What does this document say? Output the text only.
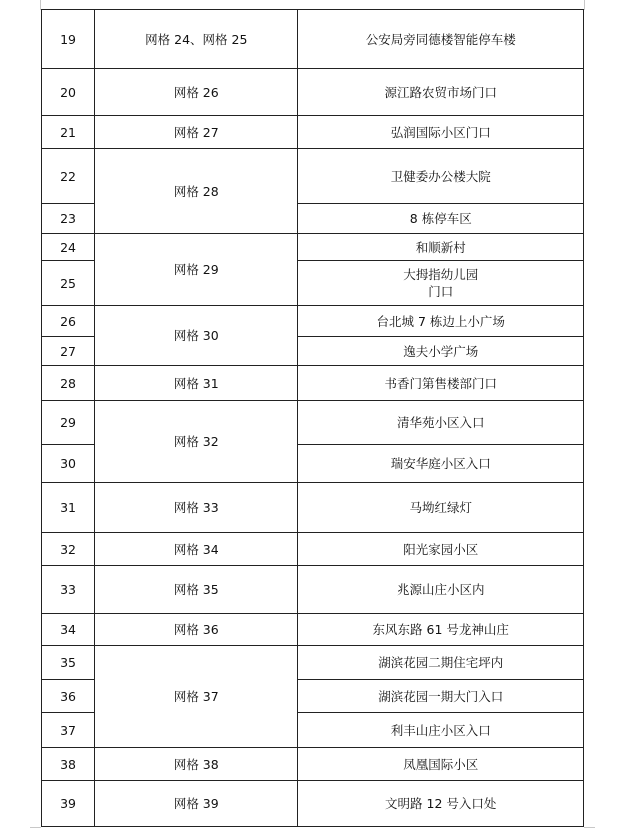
19	网格 24、网格 25	公安局旁同德楼智能停车楼
20	网格 26	源江路农贸市场门口
21	网格 27	弘润国际小区门口
22	网格 28	卫健委办公楼大院
23		8 栋停车区
24	网格 29	和顺新村
25		大拇指幼儿园
门口
26	网格 30	台北城 7 栋边上小广场
27		逸夫小学广场
28	网格 31	书香门第售楼部门口
29	网格 32	清华苑小区入口
30		瑞安华庭小区入口
31	网格 33	马坳红绿灯
32	网格 34	阳光家园小区
33	网格 35	兆源山庄小区内
34	网格 36	东风东路 61 号龙神山庄
35	网格 37	湖滨花园二期住宅坪内
36		湖滨花园一期大门入口
37		利丰山庄小区入口
38	网格 38	凤凰国际小区
39	网格 39	文明路 12 号入口处
